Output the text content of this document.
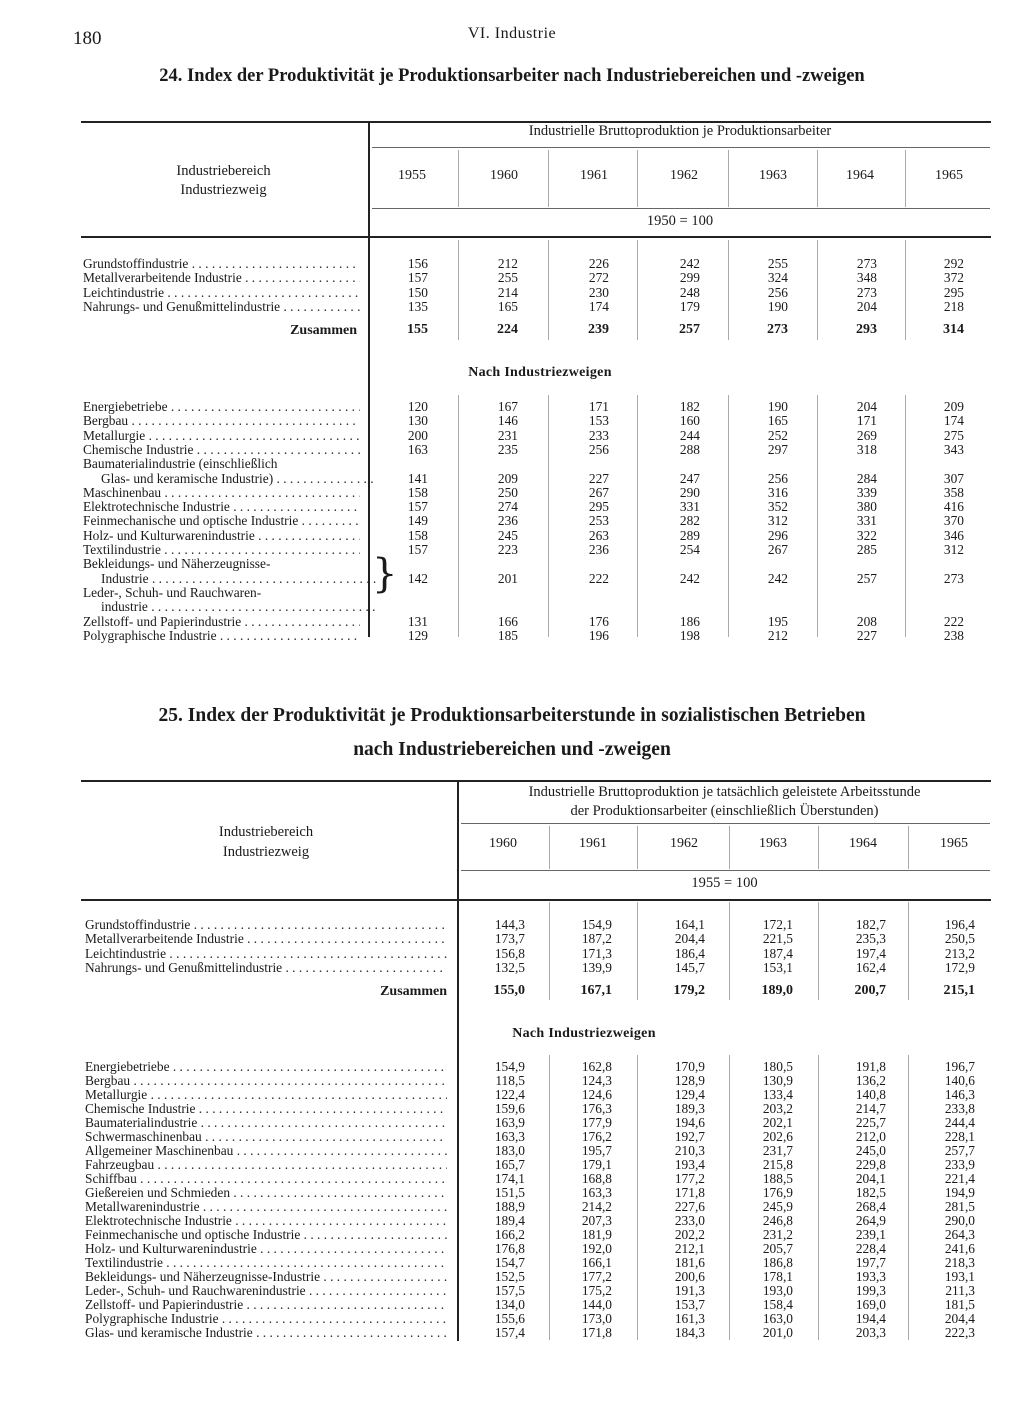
180	VI. Industrie
24. Index der Produktivität je Produktionsarbeiter nach Industriebereichen und -zweigen
Industrielle Bruttoproduktion je Produktionsarbeiter
Industriebereich
Industriezweig
1955	1960	1961	1962	1963	1964	1965
1950 = 100
Grundstoffindustrie . . .	156	212	226	242	255	273	292
Metallverarbeitende Industrie . . .	157	255	272	299	324	348	372
Leichtindustrie . . .	150	214	230	248	256	273	295
Nahrungs- und Genußmittelindustrie . . .	135	165	174	179	190	204	218
Zusammen	155	224	239	257	273	293	314
Nach Industriezweigen
Energiebetriebe . . .	120	167	171	182	190	204	209
Bergbau . . .	130	146	153	160	165	171	174
Metallurgie . . .	200	231	233	244	252	269	275
Chemische Industrie . . .	163	235	256	288	297	318	343
Baumaterialindustrie (einschließlich
Glas- und keramische Industrie) . . .	141	209	227	247	256	284	307
Maschinenbau . . .	158	250	267	290	316	339	358
Elektrotechnische Industrie . . .	157	274	295	331	352	380	416
Feinmechanische und optische Industrie . . .	149	236	253	282	312	331	370
Holz- und Kulturwarenindustrie . . .	158	245	263	289	296	322	346
Textilindustrie . . .	157	223	236	254	267	285	312
Bekleidungs- und Näherzeugnisse-
Industrie . . .	142	201	222	242	242	257	273
Leder-, Schuh- und Rauchwaren-
industrie . . .
Zellstoff- und Papierindustrie . . .	131	166	176	186	195	208	222
Polygraphische Industrie . . .	129	185	196	198	212	227	238
}
25. Index der Produktivität je Produktionsarbeiterstunde in sozialistischen Betrieben
nach Industriebereichen und -zweigen
Industrielle Bruttoproduktion je tatsächlich geleistete Arbeitsstunde
der Produktionsarbeiter (einschließlich Überstunden)
Industriebereich
Industriezweig
1960	1961	1962	1963	1964	1965
1955 = 100
Grundstoffindustrie . . .	144,3	154,9	164,1	172,1	182,7	196,4
Metallverarbeitende Industrie . . .	173,7	187,2	204,4	221,5	235,3	250,5
Leichtindustrie . . .	156,8	171,3	186,4	187,4	197,4	213,2
Nahrungs- und Genußmittelindustrie . . .	132,5	139,9	145,7	153,1	162,4	172,9
Zusammen	155,0	167,1	179,2	189,0	200,7	215,1
Nach Industriezweigen
Energiebetriebe . . .	154,9	162,8	170,9	180,5	191,8	196,7
Bergbau . . .	118,5	124,3	128,9	130,9	136,2	140,6
Metallurgie . . .	122,4	124,6	129,4	133,4	140,8	146,3
Chemische Industrie . . .	159,6	176,3	189,3	203,2	214,7	233,8
Baumaterialindustrie . . .	163,9	177,9	194,6	202,1	225,7	244,4
Schwermaschinenbau . . .	163,3	176,2	192,7	202,6	212,0	228,1
Allgemeiner Maschinenbau . . .	183,0	195,7	210,3	231,7	245,0	257,7
Fahrzeugbau . . .	165,7	179,1	193,4	215,8	229,8	233,9
Schiffbau . . .	174,1	168,8	177,2	188,5	204,1	221,4
Gießereien und Schmieden . . .	151,5	163,3	171,8	176,9	182,5	194,9
Metallwarenindustrie . . .	188,9	214,2	227,6	245,9	268,4	281,5
Elektrotechnische Industrie . . .	189,4	207,3	233,0	246,8	264,9	290,0
Feinmechanische und optische Industrie . . .	166,2	181,9	202,2	231,2	239,1	264,3
Holz- und Kulturwarenindustrie . . .	176,8	192,0	212,1	205,7	228,4	241,6
Textilindustrie . . .	154,7	166,1	181,6	186,8	197,7	218,3
Bekleidungs- und Näherzeugnisse-Industrie . . .	152,5	177,2	200,6	178,1	193,3	193,1
Leder-, Schuh- und Rauchwarenindustrie . . .	157,5	175,2	191,3	193,0	199,3	211,3
Zellstoff- und Papierindustrie . . .	134,0	144,0	153,7	158,4	169,0	181,5
Polygraphische Industrie . . .	155,6	173,0	161,3	163,0	194,4	204,4
Glas- und keramische Industrie . . .	157,4	171,8	184,3	201,0	203,3	222,3
